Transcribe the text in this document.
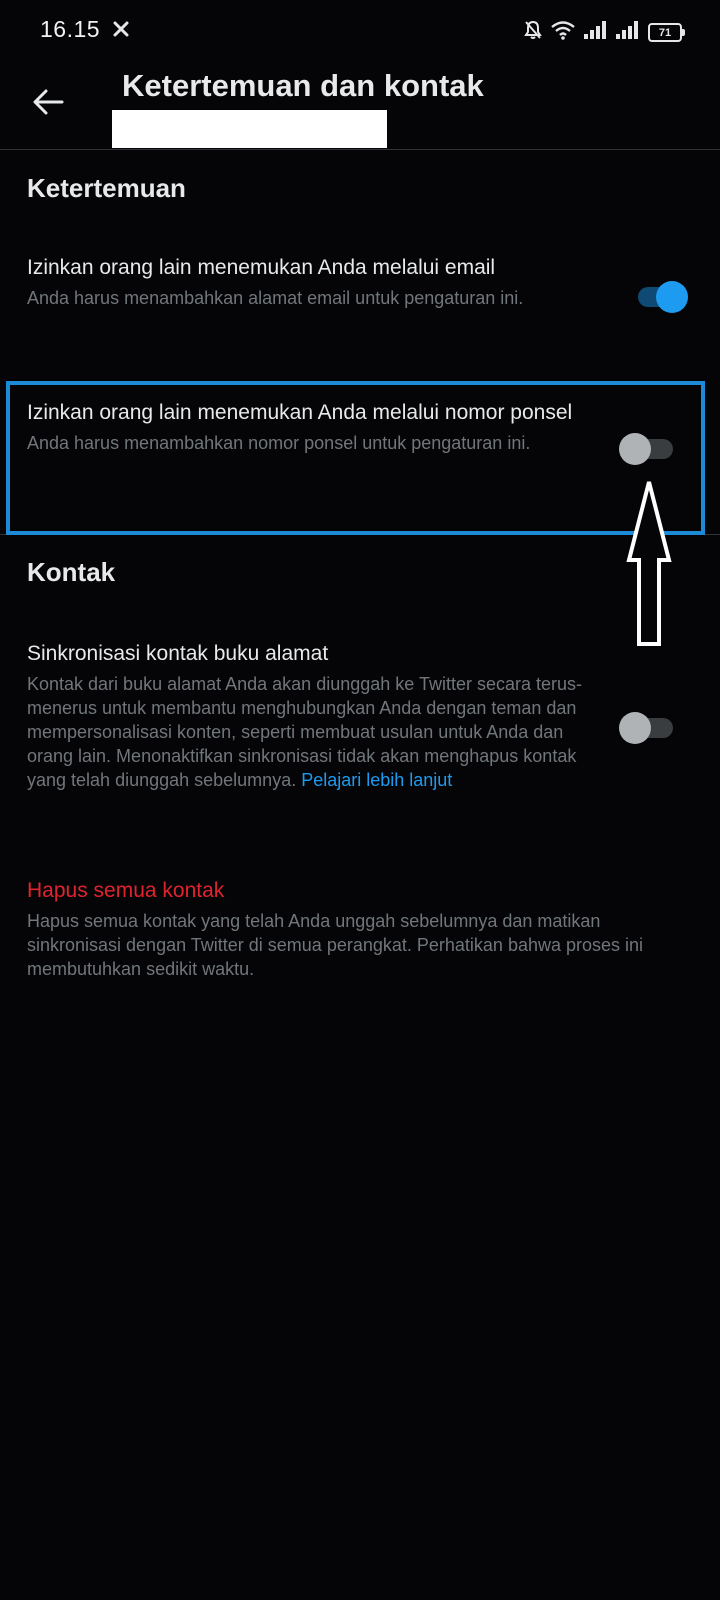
16.15	71
Ketertemuan dan kontak
Ketertemuan
Izinkan orang lain menemukan Anda melalui email
Anda harus menambahkan alamat email untuk pengaturan ini.
Izinkan orang lain menemukan Anda melalui nomor ponsel
Anda harus menambahkan nomor ponsel untuk pengaturan ini.
Kontak
Sinkronisasi kontak buku alamat
Kontak dari buku alamat Anda akan diunggah ke Twitter secara terus-menerus untuk membantu menghubungkan Anda dengan teman dan mempersonalisasi konten, seperti membuat usulan untuk Anda dan orang lain. Menonaktifkan sinkronisasi tidak akan menghapus kontak yang telah diunggah sebelumnya. Pelajari lebih lanjut
Hapus semua kontak
Hapus semua kontak yang telah Anda unggah sebelumnya dan matikan sinkronisasi dengan Twitter di semua perangkat. Perhatikan bahwa proses ini membutuhkan sedikit waktu.
